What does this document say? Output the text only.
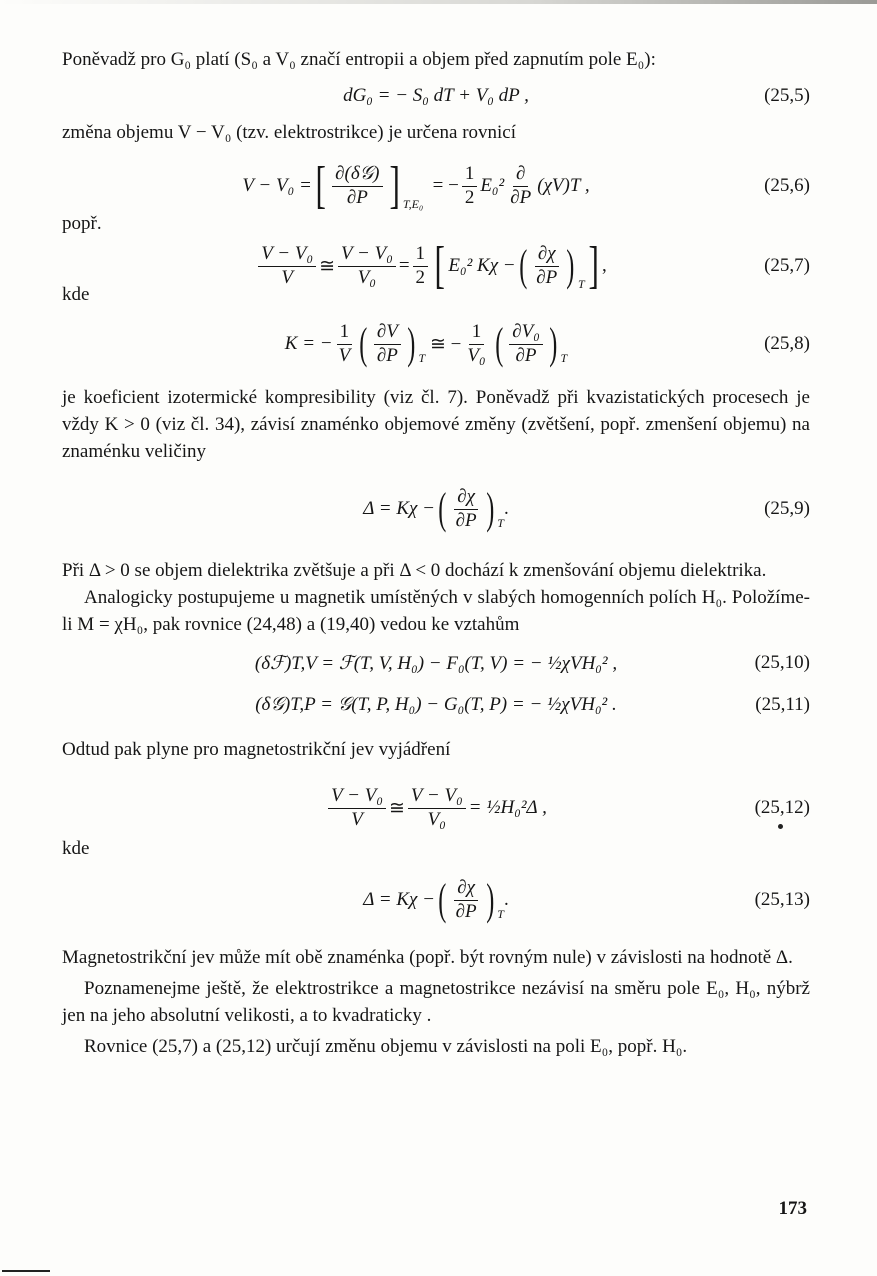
Poněvadž pro G₀ platí (S₀ a V₀ značí entropii a objem před zapnutím pole E₀):

dG₀ = − S₀ dT + V₀ dP ,	(25,5)

změna objemu V − V₀ (tzv. elektrostrikce) je určena rovnicí

V − V₀ = [ $\frac{\text{∂(δ𝒢)}}{\partial P}$ ] $_{T,E_0}$

= − $\frac{1}{2} E_0^2 \frac{\partial}{\partial P} (\chi V)T$ ,	(25,6)

popř.

$\frac{\text{V − V₀}}{V}$ ≅ $\frac{\text{V − V₀}}{\text{V₀}} = \frac{1}{2}$ [ E₀² Kχ − ( $\frac{\partial\chi}{\partial P}$ ) $_T$ ] ,	(25,7)

kde

K = − $\frac{1}{V}$ ( $\frac{\partial V}{\partial P}$ ) $_T$

≅ − $\frac{1}{\text{V₀}}$ ( $\frac{\text{∂V₀}}{\partial P}$ ) $_T$
(25,8)

je koeficient izotermické kompresibility (viz čl. 7). Poněvadž při kvazistatických procesech je vždy K > 0 (viz čl. 34), závisí znaménko objemové změny (zvětšení, popř. zmenšení objemu) na znaménku veličiny

Δ = Kχ − ( $\frac{\partial\chi}{\partial P}$ ) $_T$
.	(25,9)

Při Δ > 0 se objem dielektrika zvětšuje a při Δ < 0 dochází k zmenšování objemu dielektrika.

Analogicky postupujeme u magnetik umístěných v slabých homogenních polích H₀. Položíme-li M = χH₀, pak rovnice (24,48) a (19,40) vedou ke vztahům

(δℱ)T,V = ℱ(T, V, H₀) − F₀(T, V) = − ½χVH₀² ,	(25,10)
(δ𝒢)T,P = 𝒢(T, P, H₀) − G₀(T, P) = − ½χVH₀² .	(25,11)

Odtud pak plyne pro magnetostrikční jev vyjádření

$\frac{\text{V − V₀}}{V}$ ≅ $\frac{\text{V − V₀}}{\text{V₀}}$ = ½H₀²Δ ,	(25,12)

kde

Δ = Kχ − ( $\frac{\partial\chi}{\partial P}$ ) $_T$
.	(25,13)

Magnetostrikční jev může mít obě znaménka (popř. být rovným nule) v závislosti na hodnotě Δ.

Poznamenejme ještě, že elektrostrikce a magnetostrikce nezávisí na směru pole E₀, H₀, nýbrž jen na jeho absolutní velikosti, a to kvadraticky .

Rovnice (25,7) a (25,12) určují změnu objemu v závislosti na poli E₀, popř. H₀.

173
